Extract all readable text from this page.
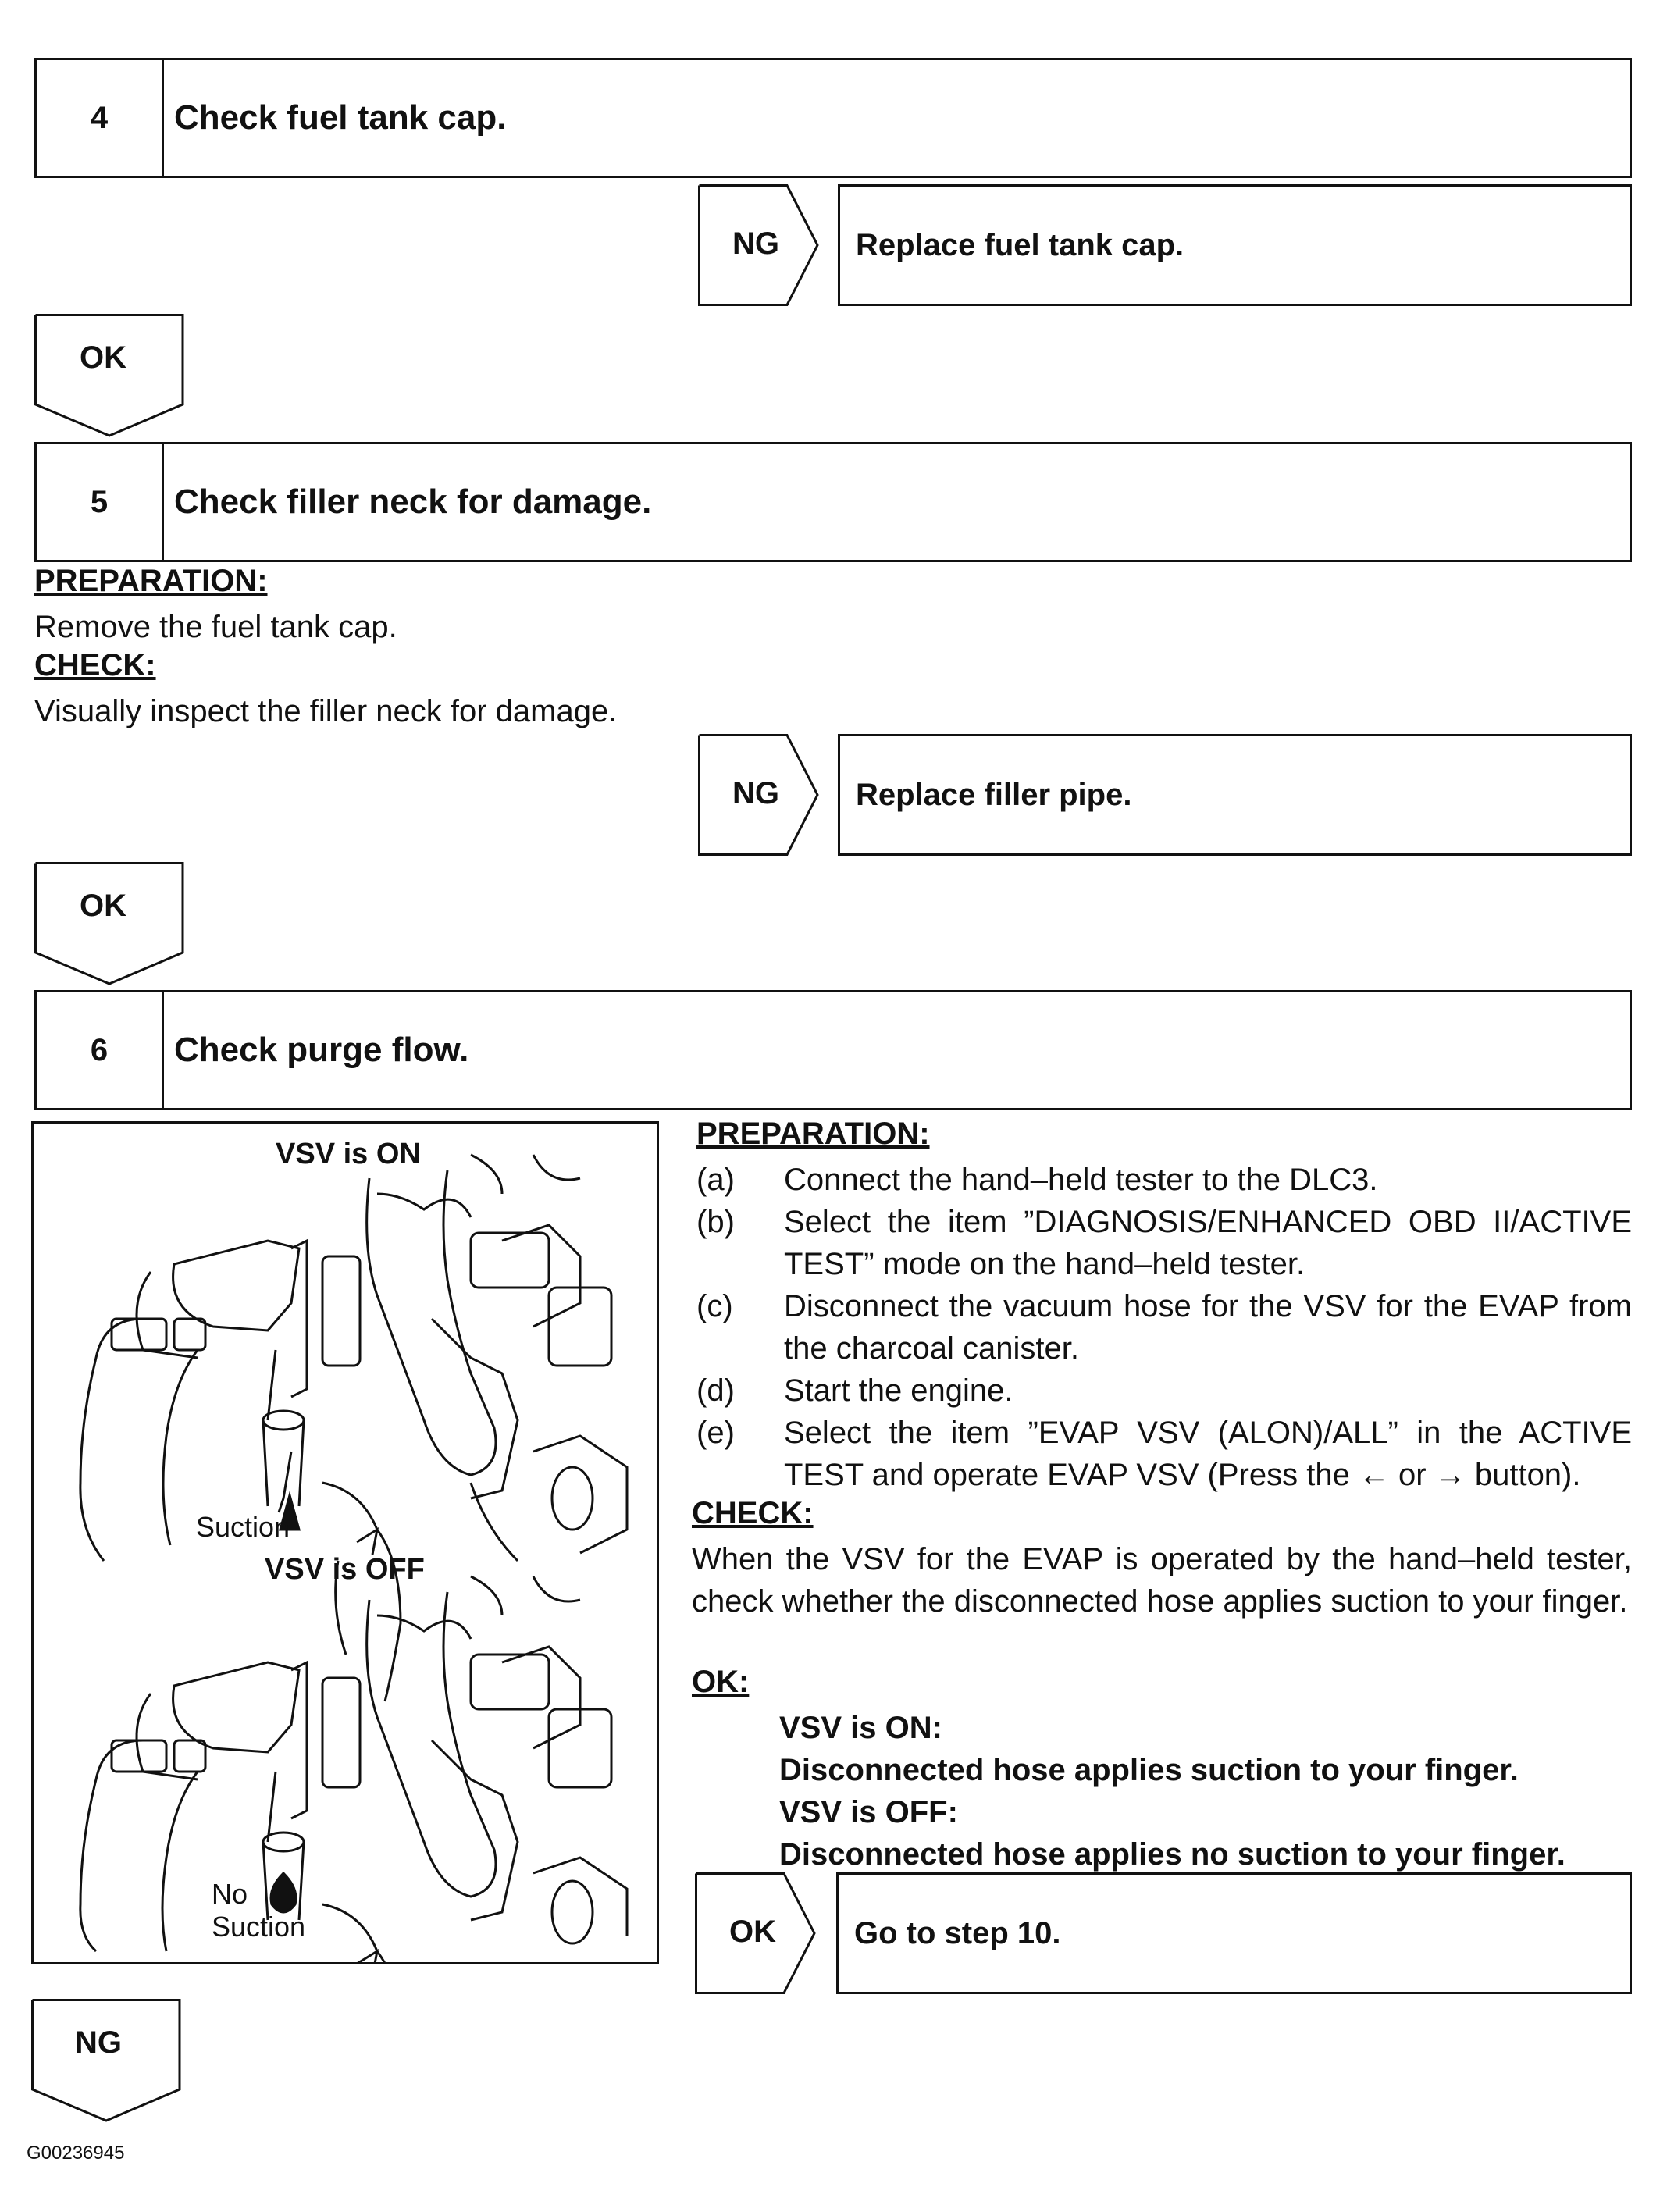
4	Check fuel tank cap.
NG	Replace fuel tank cap.
OK
5	Check filler neck for damage.
PREPARATION:
Remove the fuel tank cap.
CHECK:
Visually inspect the filler neck for damage.
NG	Replace filler pipe.
OK
6	Check purge flow.
VSV is ON
Suction
VSV is OFF
No
Suction
PREPARATION:
(a) Connect the hand–held tester to the DLC3.
(b) Select the item ”DIAGNOSIS/ENHANCED OBD II/ACTIVE TEST” mode on the hand–held tester.
(c) Disconnect the vacuum hose for the VSV for the EVAP from the charcoal canister.
(d) Start the engine.
(e) Select the item ”EVAP VSV (ALON)/ALL” in the ACTIVE TEST and operate EVAP VSV (Press the ← or → button).
CHECK:
When the VSV for the EVAP is operated by the hand–held tester, check whether the disconnected hose applies suction to your finger.
OK:
VSV is ON:
Disconnected hose applies suction to your finger.
VSV is OFF:
Disconnected hose applies no suction to your finger.
OK	Go to step 10.
NG
G00236945
